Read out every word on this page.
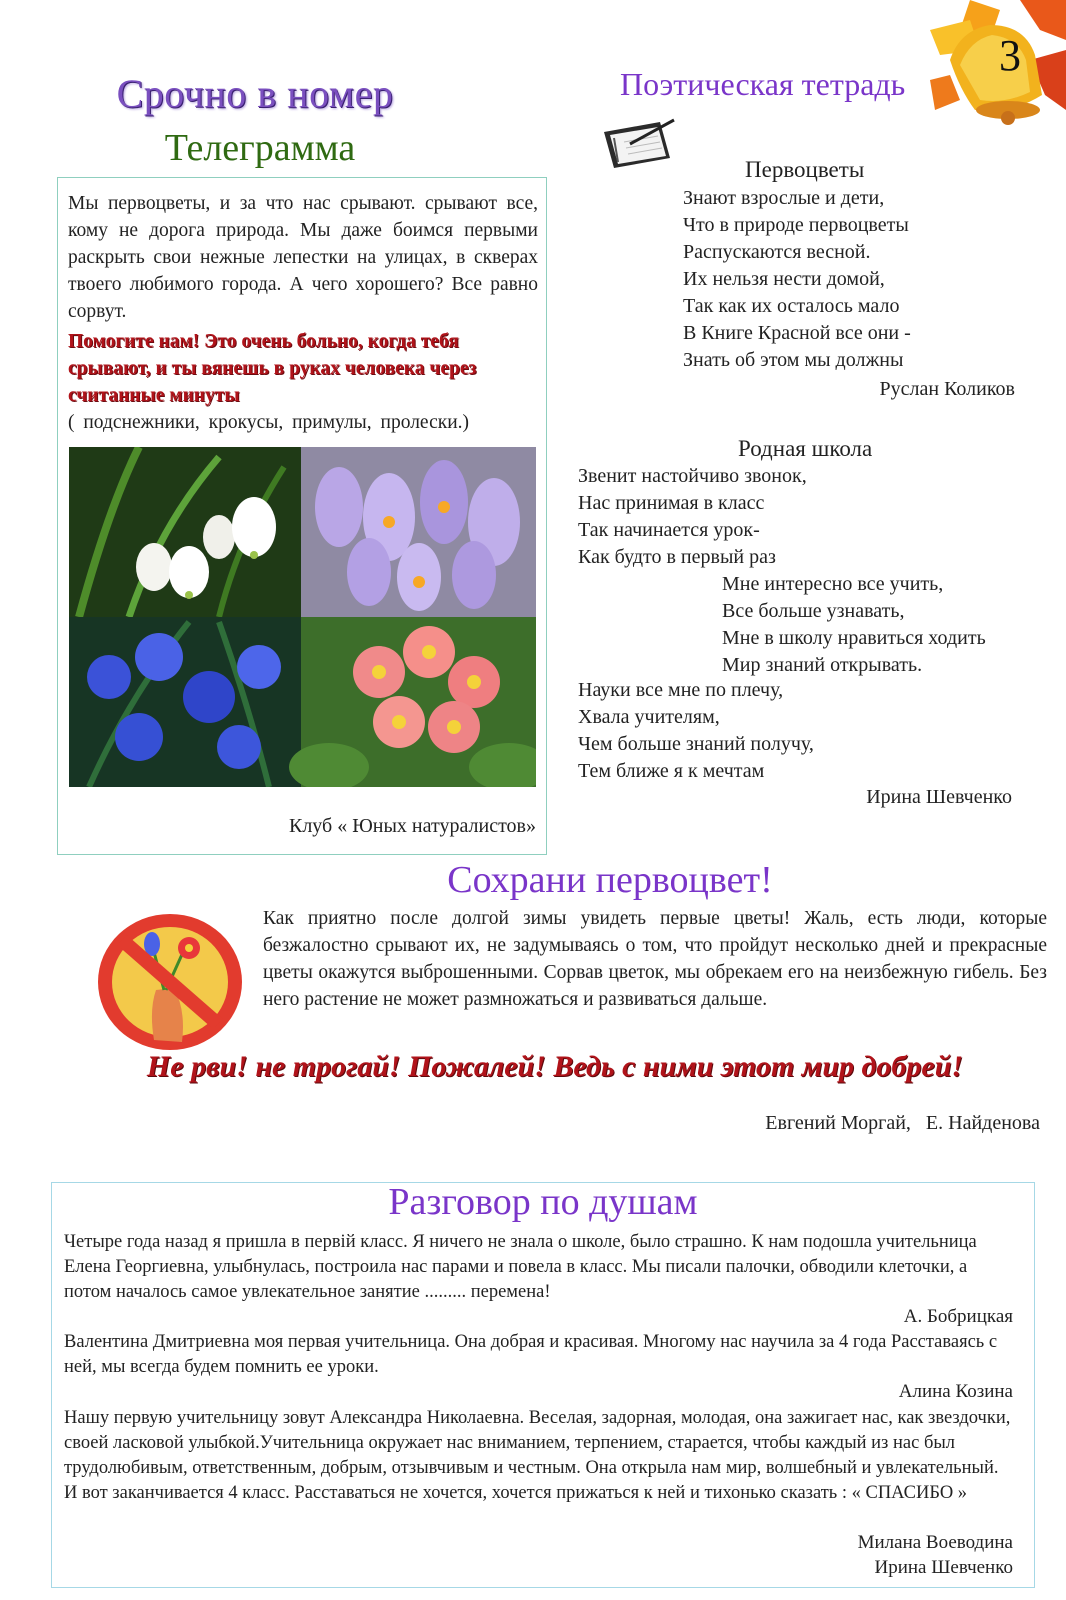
3
Срочно в номер
Телеграмма
Мы первоцветы, и за что нас срывают. срывают все, кому не дорога природа. Мы даже боимся первыми раскрыть свои нежные лепестки на улицах, в скверах твоего любимого города. А чего хорошего? Все равно сорвут.
Помогите нам! Это очень больно, когда тебя срывают, и ты вянешь в руках человека через считанные минуты
( подснежники, крокусы, примулы, пролески.)
Клуб « Юных натуралистов»
Поэтическая тетрадь
Первоцветы
Знают взрослые и дети,
Что в природе первоцветы
Распускаются весной.
Их нельзя нести домой,
Так как их осталось мало
В Книге Красной все они -
Знать об этом мы должны
Руслан Коликов
Родная школа
Звенит настойчиво звонок,
Нас принимая в класс
Так начинается урок-
Как будто в первый раз
Мне интересно все учить,
Все больше узнавать,
Мне в школу нравиться ходить
Мир знаний открывать.
Науки все мне по плечу,
Хвала учителям,
Чем больше знаний получу,
Тем ближе я к мечтам
Ирина Шевченко
Сохрани первоцвет!
Как приятно после долгой зимы увидеть первые цветы! Жаль, есть люди, которые безжалостно срывают их, не задумываясь о том, что пройдут несколько дней и прекрасные цветы окажутся выброшенными. Сорвав цветок, мы обрекаем его на неизбежную гибель. Без него растение не может размножаться и развиваться дальше.
Не рви! не трогай! Пожалей! Ведь с ними этот мир добрей!
Евгений Моргай,   Е. Найденова
Разговор по душам
Четыре года назад я пришла в первій класс. Я ничего не знала о школе, было страшно. К нам подошла учительница Елена Георгиевна, улыбнулась, построила нас парами и повела в класс. Мы писали палочки, обводили клеточки, а потом началось самое увлекательное занятие ......... перемена!
А. Бобрицкая
Валентина Дмитриевна моя первая учительница. Она добрая и красивая. Многому нас научила за 4 года Расставаясь с ней, мы всегда будем помнить ее уроки.
Алина Козина
Нашу первую учительницу зовут Александра Николаевна. Веселая, задорная, молодая, она зажигает нас, как звездочки, своей ласковой улыбкой.Учительница окружает нас вниманием, терпением, старается, чтобы каждый из нас был трудолюбивым, ответственным, добрым, отзывчивым и честным. Она открыла нам мир, волшебный и увлекательный. И вот заканчивается 4 класс. Расставаться не хочется, хочется прижаться к ней и тихонько сказать : « СПАСИБО »
Милана Воеводина
Ирина Шевченко
